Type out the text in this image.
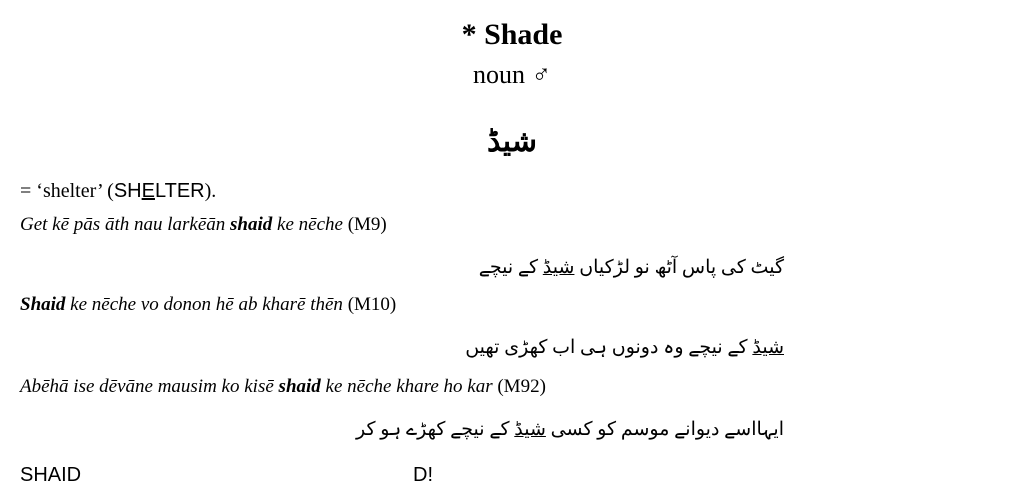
* Shade
noun ♂
شیڈ
= ‘shelter’ (SHELTER).
Get kē pās āth nau larkēān shaid ke nēche (M9)
گیٹ کی پاس آٹھ نو لڑکیاں شیڈ کے نیچے
Shaid ke nēche vo donon hē ab kharē thēn (M10)
شیڈ کے نیچے وہ دونوں ہی اب کھڑی تھیں
Abēhā ise dēvāne mausim ko kisē shaid ke nēche khare ho kar (M92)
ایہااسے دیوانے موسم کو کسی شیڈ کے نیچے کھڑے ہو کر
SHAID	D!
